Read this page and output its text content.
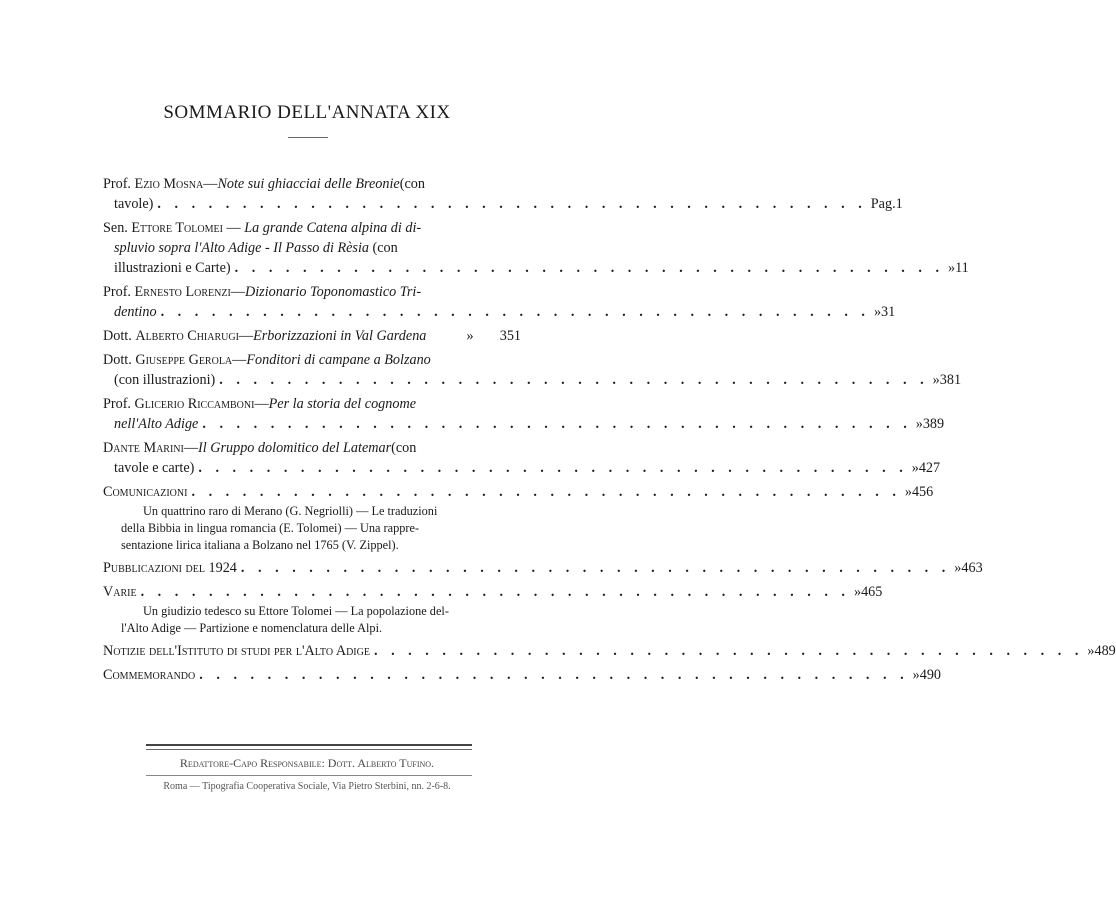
SOMMARIO DELL'ANNATA XIX
Prof.
Ezio Mosna — Note sui ghiacciai delle Breonie (con
tavole) . . . . . . . . . . . . . . . . . . . . . . . . . . . . . . . . . . . . . . . . . . Pag. 1
Sen. Ettore Tolomei — La grande Catena alpina di di-
spluvio sopra l'Alto Adige - Il Passo di Rèsia (con
illustrazioni e Carte) . . . . . . . . . . . . . . . . . . . . . . . . . . . . . . . . . . . . . . . . . . » 11
Prof.
Ernesto Lorenzi — Dizionario Toponomastico Tri-
dentino . . . . . . . . . . . . . . . . . . . . . . . . . . . . . . . . . . . . . . . . . . » 31
Dott.
Alberto Chiarugi — Erborizzazioni in Val Gardena	»	351
Dott.
Giuseppe Gerola — Fonditori di campane a Bolzano
(con illustrazioni) . . . . . . . . . . . . . . . . . . . . . . . . . . . . . . . . . . . . . . . . . . » 381
Prof.
Glicerio Riccamboni — Per la storia del cognome
nell'Alto Adige . . . . . . . . . . . . . . . . . . . . . . . . . . . . . . . . . . . . . . . . . . » 389
Dante Marini — Il Gruppo dolomitico del Latemar (con
tavole e carte) . . . . . . . . . . . . . . . . . . . . . . . . . . . . . . . . . . . . . . . . . . » 427
Comunicazioni . . . . . . . . . . . . . . . . . . . . . . . . . . . . . . . . . . . . . . . . . . » 456
Un quattrino raro di Merano (G. Negriolli) — Le traduzioni
della Bibbia in lingua romancia (E. Tolomei) — Una rappre-
sentazione lirica italiana a Bolzano nel 1765 (V. Zippel).
Pubblicazioni del 1924 . . . . . . . . . . . . . . . . . . . . . . . . . . . . . . . . . . . . . . . . . . » 463
Varie . . . . . . . . . . . . . . . . . . . . . . . . . . . . . . . . . . . . . . . . . . » 465
Un giudizio tedesco su Ettore Tolomei — La popolazione del-
l'Alto Adige — Partizione e nomenclatura delle Alpi.
Notizie dell'Istituto di studi per l'Alto Adige . . . . . . . . . . . . . . . . . . . . . . . . . . . . . . . . . . . . . . . . . . » 489
Commemorando . . . . . . . . . . . . . . . . . . . . . . . . . . . . . . . . . . . . . . . . . . » 490
Redattore-Capo Responsabile: Dott. Alberto Tufino.
Roma — Tipografia Cooperativa Sociale, Via Pietro Sterbini, nn. 2-6-8.
